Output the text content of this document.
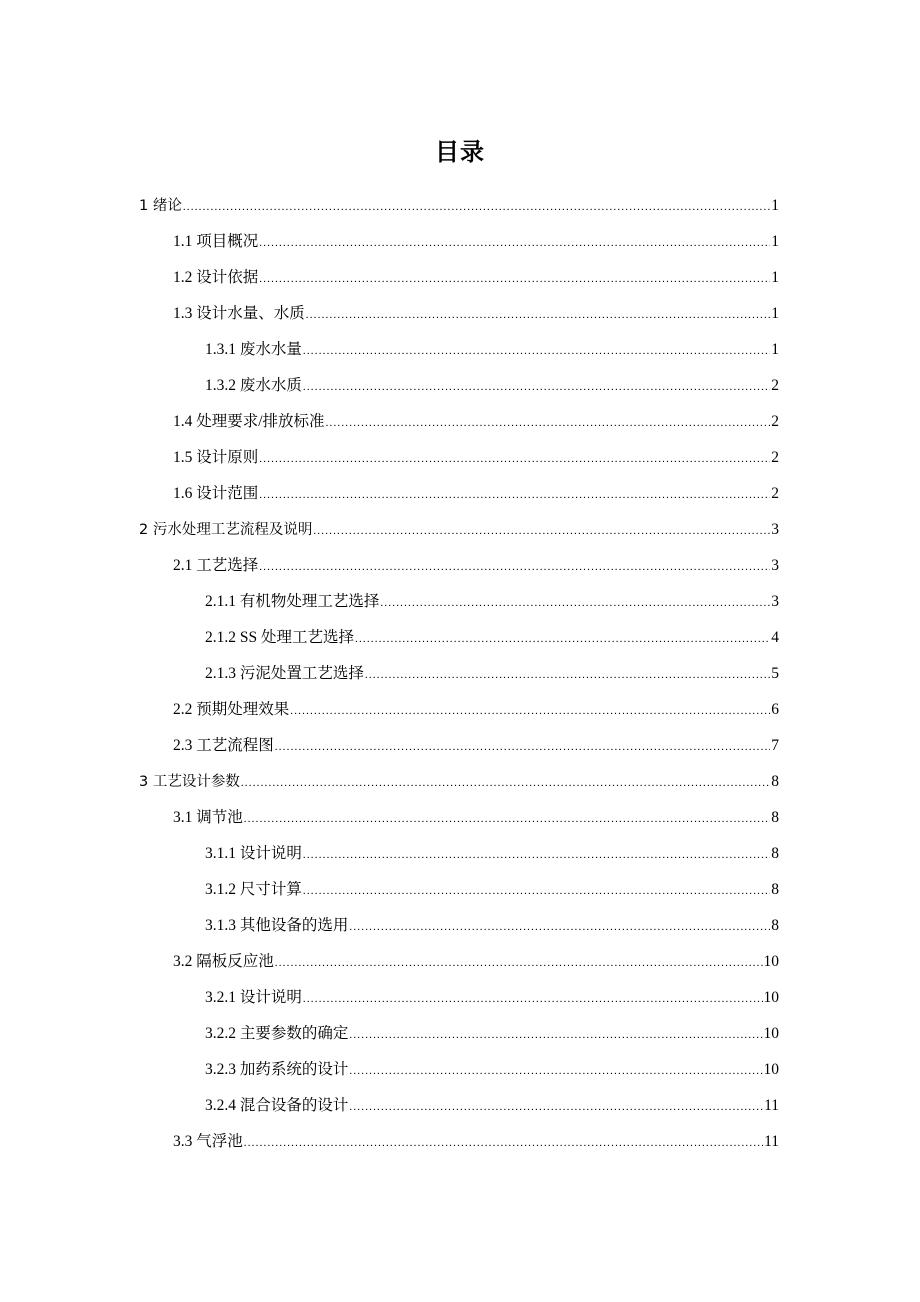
目录
1 绪论 .....	1
1.1 项目概况 .....	1
1.2 设计依据 .....	1
1.3 设计水量、水质 .....	1
1.3.1 废水水量 .....	1
1.3.2 废水水质 .....	2
1.4 处理要求/排放标准 .....	2
1.5 设计原则 .....	2
1.6 设计范围 .....	2
2 污水处理工艺流程及说明 .....	3
2.1 工艺选择 .....	3
2.1.1 有机物处理工艺选择 .....	3
2.1.2 SS 处理工艺选择 .....	4
2.1.3 污泥处置工艺选择 .....	5
2.2 预期处理效果 .....	6
2.3 工艺流程图 .....	7
3 工艺设计参数 .....	8
3.1 调节池 .....	8
3.1.1 设计说明 .....	8
3.1.2 尺寸计算 .....	8
3.1.3 其他设备的选用 .....	8
3.2 隔板反应池 .....	10
3.2.1 设计说明 .....	10
3.2.2 主要参数的确定 .....	10
3.2.3 加药系统的设计 .....	10
3.2.4 混合设备的设计 .....	11
3.3 气浮池 .....	11
